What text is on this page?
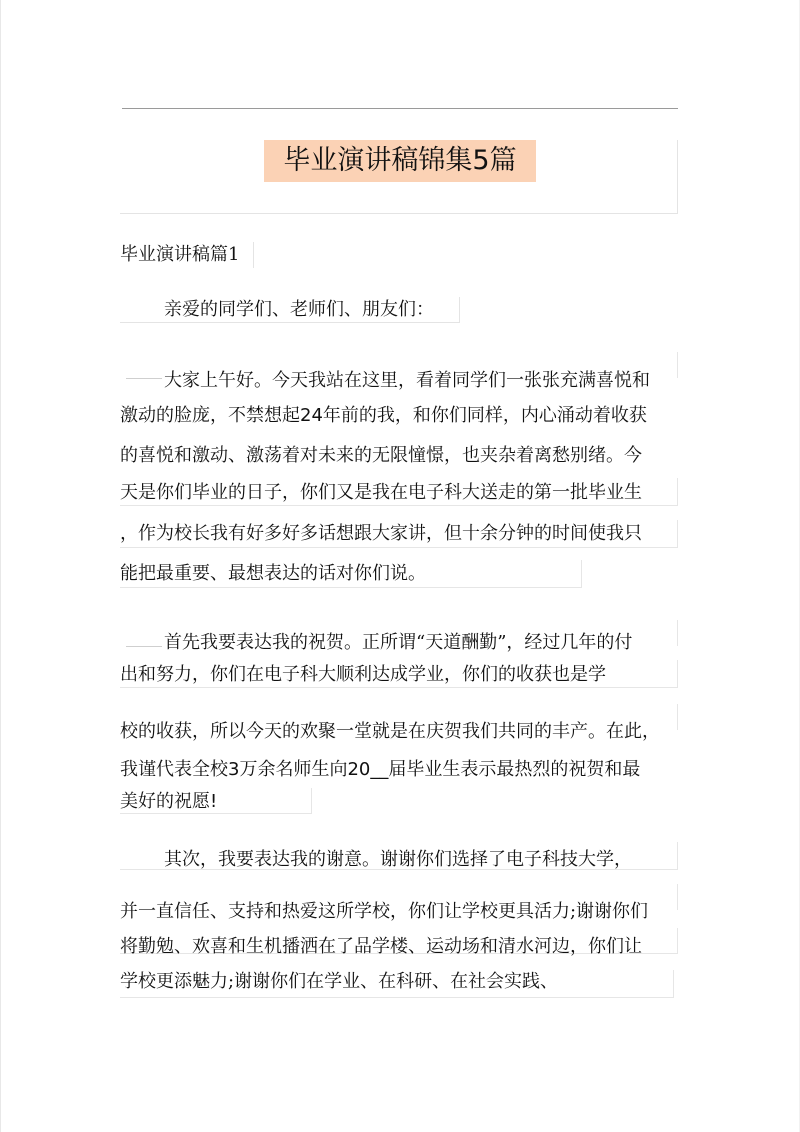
毕业演讲稿锦集5篇
毕业演讲稿篇1
亲爱的同学们、老师们、朋友们：
大家上午好。今天我站在这里，看着同学们一张张充满喜悦和
激动的脸庞，不禁想起24年前的我，和你们同样，内心涌动着收获
的喜悦和激动、激荡着对未来的无限憧憬，也夹杂着离愁别绪。今
天是你们毕业的日子，你们又是我在电子科大送走的第一批毕业生
，作为校长我有好多好多话想跟大家讲，但十余分钟的时间使我只
能把最重要、最想表达的话对你们说。
首先我要表达我的祝贺。正所谓“天道酬勤”，经过几年的付
出和努力，你们在电子科大顺利达成学业，你们的收获也是学
校的收获，所以今天的欢聚一堂就是在庆贺我们共同的丰产。在此，
我谨代表全校3万余名师生向20__届毕业生表示最热烈的祝贺和最
美好的祝愿!
其次，我要表达我的谢意。谢谢你们选择了电子科技大学，
并一直信任、支持和热爱这所学校，你们让学校更具活力;谢谢你们
将勤勉、欢喜和生机播洒在了品学楼、运动场和清水河边，你们让
学校更添魅力;谢谢你们在学业、在科研、在社会实践、
